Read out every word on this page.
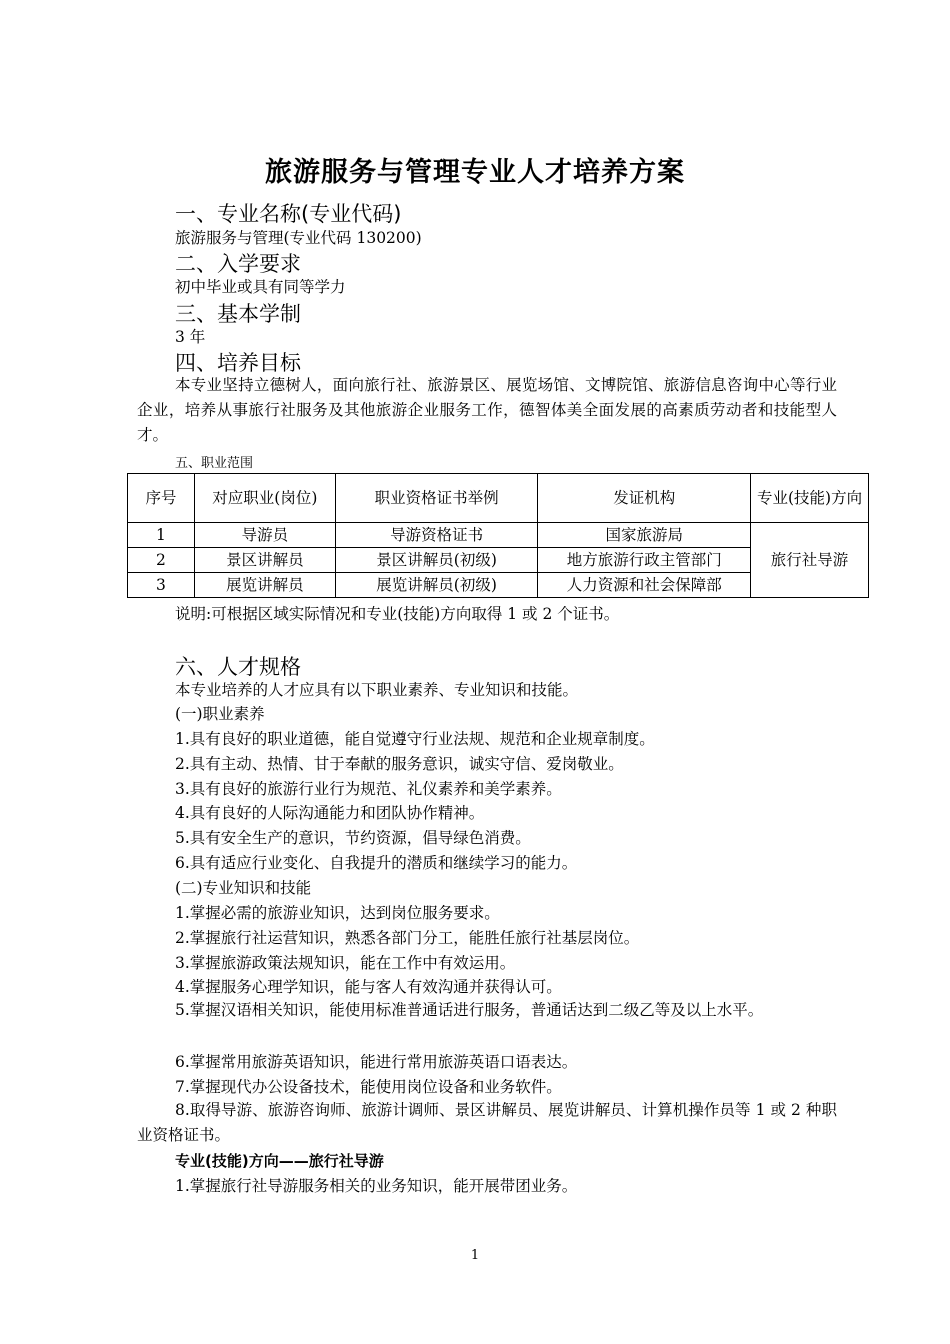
旅游服务与管理专业人才培养方案
一、专业名称(专业代码)

旅游服务与管理(专业代码 130200)

二、入学要求

初中毕业或具有同等学力

三、基本学制

3 年

四、培养目标

本专业坚持立德树人，面向旅行社、旅游景区、展览场馆、文博院馆、旅游信息咨询中心等行业企业，培养从事旅行社服务及其他旅游企业服务工作，德智体美全面发展的高素质劳动者和技能型人才。

五、职业范围

序号	对应职业(岗位)	职业资格证书举例	发证机构	专业(技能)方向
1	导游员	导游资格证书	国家旅游局	旅行社导游
2	景区讲解员	景区讲解员(初级)	地方旅游行政主管部门	
3	展览讲解员	展览讲解员(初级)	人力资源和社会保障部	

说明:可根据区域实际情况和专业(技能)方向取得 1 或 2 个证书。

六、人才规格

本专业培养的人才应具有以下职业素养、专业知识和技能。

(一)职业素养

1.具有良好的职业道德，能自觉遵守行业法规、规范和企业规章制度。

2.具有主动、热情、甘于奉献的服务意识，诚实守信、爱岗敬业。

3.具有良好的旅游行业行为规范、礼仪素养和美学素养。

4.具有良好的人际沟通能力和团队协作精神。

5.具有安全生产的意识，节约资源，倡导绿色消费。

6.具有适应行业变化、自我提升的潜质和继续学习的能力。

(二)专业知识和技能

1.掌握必需的旅游业知识，达到岗位服务要求。

2.掌握旅行社运营知识，熟悉各部门分工，能胜任旅行社基层岗位。

3.掌握旅游政策法规知识，能在工作中有效运用。

4.掌握服务心理学知识，能与客人有效沟通并获得认可。

5.掌握汉语相关知识，能使用标准普通话进行服务，普通话达到二级乙等及以上水平。

6.掌握常用旅游英语知识，能进行常用旅游英语口语表达。

7.掌握现代办公设备技术，能使用岗位设备和业务软件。

8.取得导游、旅游咨询师、旅游计调师、景区讲解员、展览讲解员、计算机操作员等 1 或 2 种职业资格证书。

专业(技能)方向——旅行社导游

1.掌握旅行社导游服务相关的业务知识，能开展带团业务。

1
